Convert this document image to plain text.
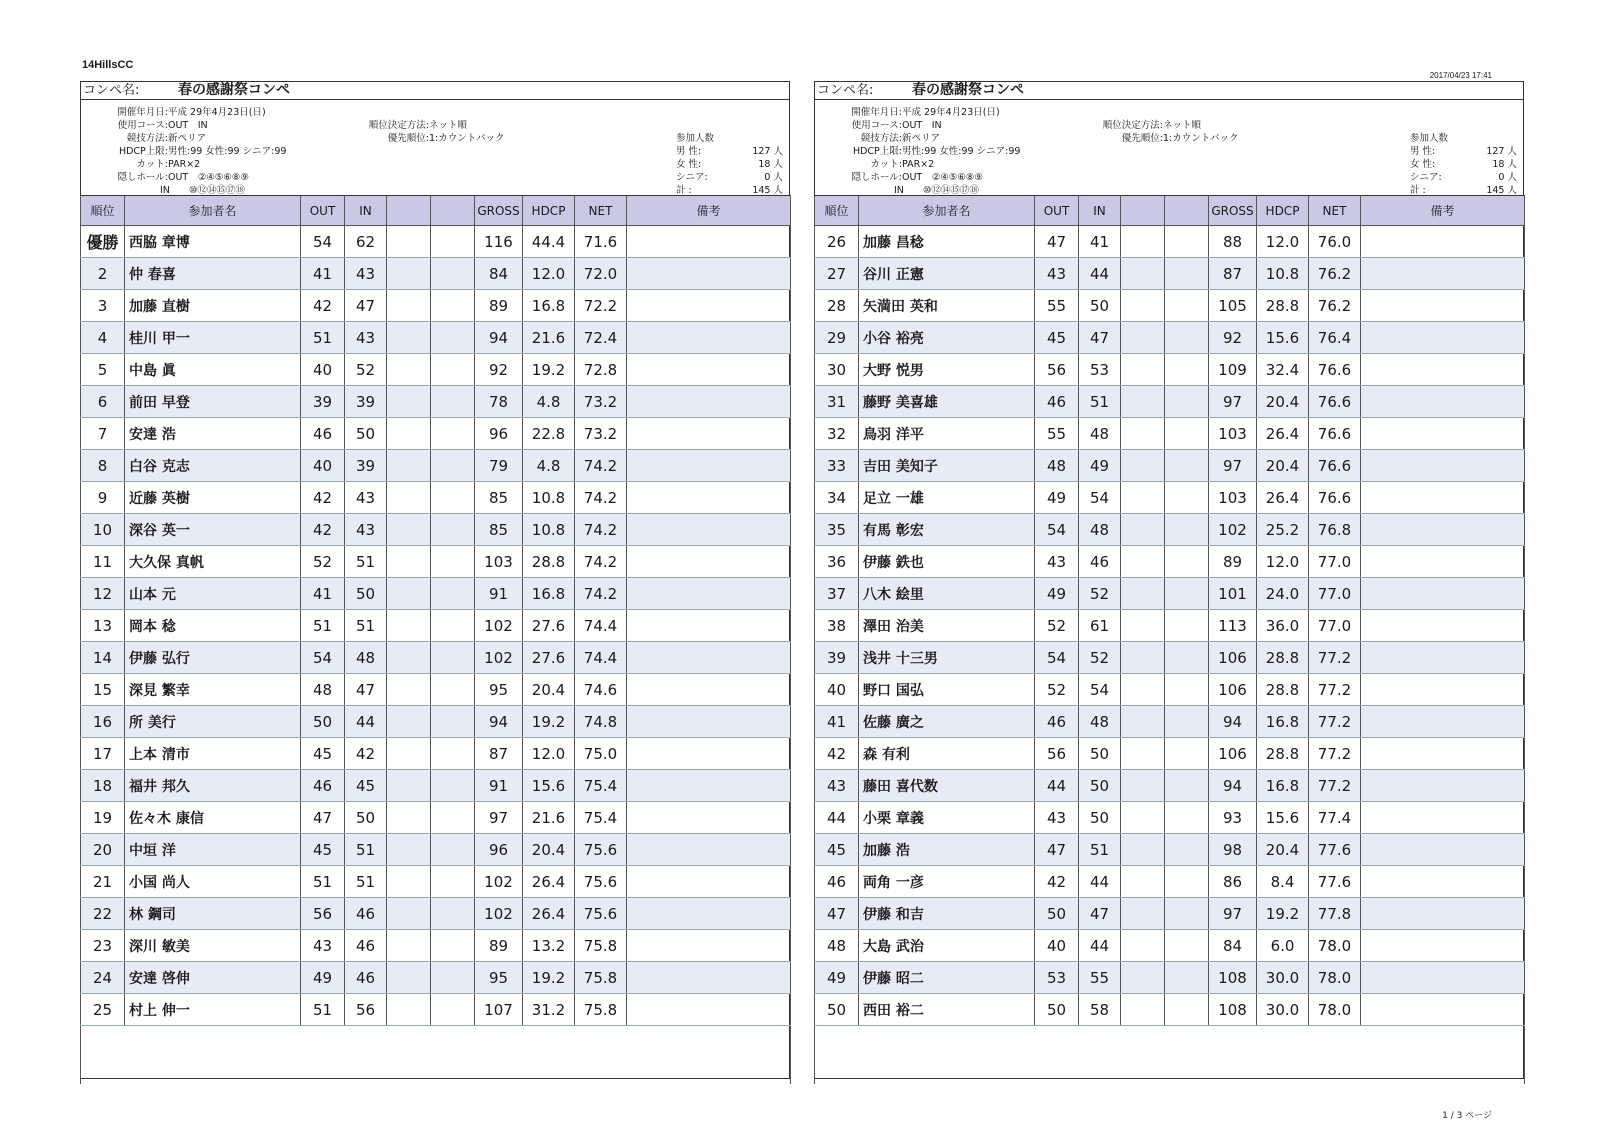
14HillsCC
2017/04/23 17:41
コンペ名:	春の感謝祭コンペ
開催年月日:平成 29年4月23日(日)
使用コース:OUT　IN
競技方法:新ペリア
HDCP上限:男性:99 女性:99 シニア:99
カット:PAR×2
隠しホール:OUT　②④⑤⑥⑧⑨
IN　　⑩⑫⑭⑮⑰⑱
順位決定方法:ネット順
優先順位:1:カウントバック	参加人数
男 性:	127 人
女 性:	18 人
シニア:	0 人
計 :	145 人
順位	参加者名	OUT	IN			GROSS	HDCP	NET	備考
優勝	西脇 章博	54	62			116	44.4	71.6	
2	仲 春喜	41	43			84	12.0	72.0	
3	加藤 直樹	42	47			89	16.8	72.2	
4	桂川 甲一	51	43			94	21.6	72.4	
5	中島 眞	40	52			92	19.2	72.8	
6	前田 早登	39	39			78	4.8	73.2	
7	安達 浩	46	50			96	22.8	73.2	
8	白谷 克志	40	39			79	4.8	74.2	
9	近藤 英樹	42	43			85	10.8	74.2	
10	深谷 英一	42	43			85	10.8	74.2	
11	大久保 真帆	52	51			103	28.8	74.2	
12	山本 元	41	50			91	16.8	74.2	
13	岡本 稔	51	51			102	27.6	74.4	
14	伊藤 弘行	54	48			102	27.6	74.4	
15	深見 繁幸	48	47			95	20.4	74.6	
16	所 美行	50	44			94	19.2	74.8	
17	上本 清市	45	42			87	12.0	75.0	
18	福井 邦久	46	45			91	15.6	75.4	
19	佐々木 康信	47	50			97	21.6	75.4	
20	中垣 洋	45	51			96	20.4	75.6	
21	小国 尚人	51	51			102	26.4	75.6	
22	林 鋼司	56	46			102	26.4	75.6	
23	深川 敏美	43	46			89	13.2	75.8	
24	安達 啓伸	49	46			95	19.2	75.8	
25	村上 伸一	51	56			107	31.2	75.8	

コンペ名:	春の感謝祭コンペ
開催年月日:平成 29年4月23日(日)
使用コース:OUT　IN
競技方法:新ペリア
HDCP上限:男性:99 女性:99 シニア:99
カット:PAR×2
隠しホール:OUT　②④⑤⑥⑧⑨
IN　　⑩⑫⑭⑮⑰⑱
順位決定方法:ネット順
優先順位:1:カウントバック	参加人数
男 性:	127 人
女 性:	18 人
シニア:	0 人
計 :	145 人
順位	参加者名	OUT	IN			GROSS	HDCP	NET	備考
26	加藤 昌稔	47	41			88	12.0	76.0	
27	谷川 正憲	43	44			87	10.8	76.2	
28	矢満田 英和	55	50			105	28.8	76.2	
29	小谷 裕亮	45	47			92	15.6	76.4	
30	大野 悦男	56	53			109	32.4	76.6	
31	藤野 美喜雄	46	51			97	20.4	76.6	
32	鳥羽 洋平	55	48			103	26.4	76.6	
33	吉田 美知子	48	49			97	20.4	76.6	
34	足立 一雄	49	54			103	26.4	76.6	
35	有馬 彰宏	54	48			102	25.2	76.8	
36	伊藤 鉄也	43	46			89	12.0	77.0	
37	八木 絵里	49	52			101	24.0	77.0	
38	澤田 治美	52	61			113	36.0	77.0	
39	浅井 十三男	54	52			106	28.8	77.2	
40	野口 国弘	52	54			106	28.8	77.2	
41	佐藤 廣之	46	48			94	16.8	77.2	
42	森 有利	56	50			106	28.8	77.2	
43	藤田 喜代数	44	50			94	16.8	77.2	
44	小栗 章義	43	50			93	15.6	77.4	
45	加藤 浩	47	51			98	20.4	77.6	
46	両角 一彦	42	44			86	8.4	77.6	
47	伊藤 和吉	50	47			97	19.2	77.8	
48	大島 武治	40	44			84	6.0	78.0	
49	伊藤 昭二	53	55			108	30.0	78.0	
50	西田 裕二	50	58			108	30.0	78.0	

1 / 3 ページ
